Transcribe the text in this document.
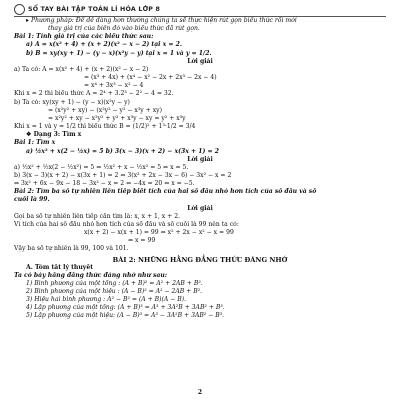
SỔ TAY BÀI TẬP TOÁN LÍ HÓA LỚP 8
▸ Phương pháp: Để dễ dàng hơn thường chúng ta sẽ thực hiện rút gọn biểu thức rồi mới
thay giá trị của biến đó vào biểu thức đã rút gọn.
Bài 1: Tính giá trị của các biểu thức sau:
a) A = x(x² + 4) + (x + 2)(x² − x − 2) tại x = 2.
b) B = xy(xy + 1) − (y − x)(x²y − y) tại x = 1 và y = 1/2.
Lời giải
a) Ta có: A = x(x² + 4) + (x + 2)(x² − x − 2)
= (x³ + 4x) + (x⁴ − x² − 2x + 2x³ − 2x − 4)
= x⁴ + 3x³ − x² − 4
Khi x = 2 thì biểu thức A = 2⁴ + 3.2³ − 2² − 4 = 32.
b) Ta có: xy(xy + 1) − (y − x)(x²y − y)
= (x²y² + xy) − (x²y² − y² − x³y + xy)
= x²y² + xy − x²y² + y² + x³y − xy = y² + x³y
Khi x = 1 và y = 1/2 thì biểu thức B = (1/2)² + 1³·1/2 = 3/4
❖ Dạng 3: Tìm x
Bài 1: Tìm x
a) ½x² + x(2 − ½x) = 5 b) 3(x − 3)(x + 2) − x(3x + 1) = 2
Lời giải
a) ½x² + ½x(2 − ½x²) = 5 ⇔ ½x² + x − ½x² = 5 ⇔ x = 5.
b) 3(x − 3)(x + 2) − x(3x + 1) = 2 ⇔ 3(x² + 2x − 3x − 6) − 3x² − x = 2
⇔ 3x² + 6x − 9x − 18 − 3x² − x = 2 ⇔ −4x = 20 ⇔ x = −5.
Bài 2: Tìm ba số tự nhiên liên tiếp biết tích của hai số đầu nhỏ hơn tích của số đầu và số
cuối là 99.
Lời giải
Gọi ba số tự nhiên liên tiếp cần tìm là: x, x + 1, x + 2.
Vì tích của hai số đầu nhỏ hơn tích của số đầu và số cuối là 99 nên ta có:
x(x + 2) − x(x + 1) = 99 ⇔ x² + 2x − x² − x = 99
⇔ x = 99
Vậy ba số tự nhiên là 99, 100 và 101.
BÀI 2: NHỮNG HẰNG ĐẲNG THỨC ĐÁNG NHỚ
A. Tóm tắt lý thuyết
Ta có bảy hằng đẳng thức đáng nhớ như sau:
1) Bình phương của một tổng : (A + B)² = A² + 2AB + B².
2) Bình phương của một hiệu : (A − B)² = A² − 2AB + B².
3) Hiệu hai bình phương : A² − B² = (A + B)(A − B).
4) Lập phương của một tổng: (A + B)³ = A³ + 3A²B + 3AB² + B³.
5) Lập phương của một hiệu: (A − B)³ = A³ − 3A²B + 3AB² − B³.
2
